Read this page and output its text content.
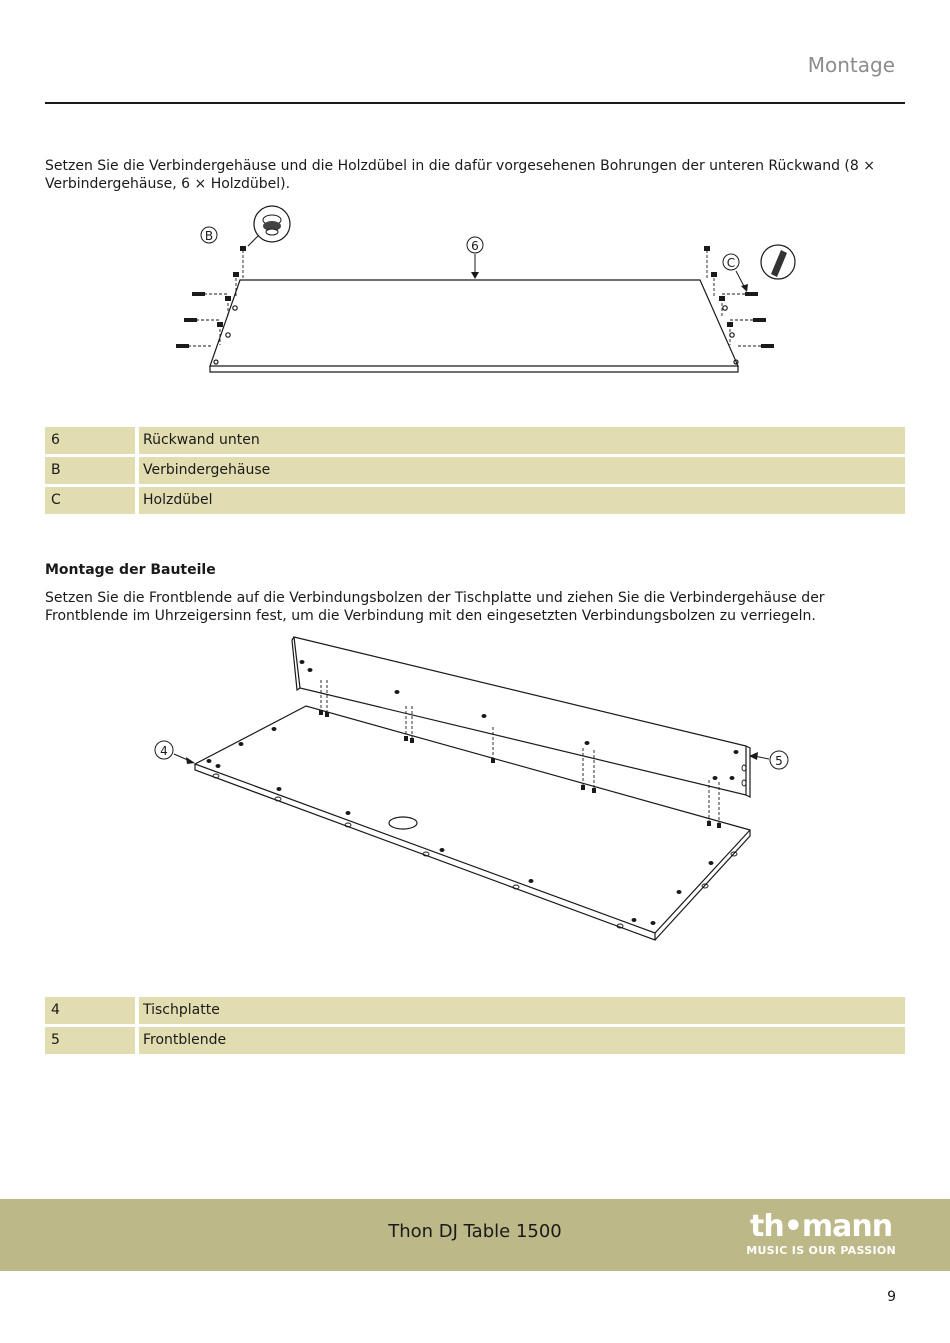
Montage
Setzen Sie die Verbindergehäuse und die Holzdübel in die dafür vorgesehenen Bohrungen der unteren Rückwand (8 × Verbindergehäuse, 6 × Holzdübel).
B
6
C
6	Rückwand unten
B	Verbindergehäuse
C	Holzdübel
Montage der Bauteile
Setzen Sie die Frontblende auf die Verbindungsbolzen der Tischplatte und ziehen Sie die Verbindergehäuse der Frontblende im Uhrzeigersinn fest, um die Verbindung mit den eingesetzten Verbindungsbolzen zu verriegeln.
4
5
4	Tischplatte
5	Frontblende
Thon DJ Table 1500	th•mann
MUSIC IS OUR PASSION
9
